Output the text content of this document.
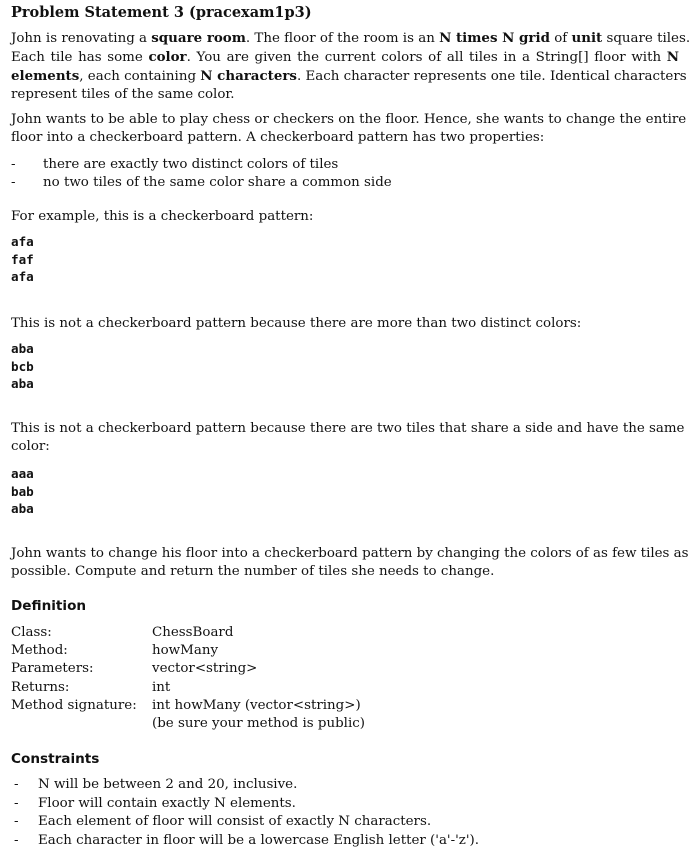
Problem Statement 3 (pracexam1p3)
John is renovating a square room. The floor of the room is an N times N grid of unit square tiles.
Each tile has some color. You are given the current colors of all tiles in a String[] floor with N
elements, each containing N characters. Each character represents one tile. Identical characters
represent tiles of the same color.
John wants to be able to play chess or checkers on the floor. Hence, she wants to change the entire
floor into a checkerboard pattern. A checkerboard pattern has two properties:
-	there are exactly two distinct colors of tiles
-	no two tiles of the same color share a common side
For example, this is a checkerboard pattern:
afa
faf
afa
This is not a checkerboard pattern because there are more than two distinct colors:
aba
bcb
aba
This is not a checkerboard pattern because there are two tiles that share a side and have the same
color:
aaa
bab
aba
John wants to change his floor into a checkerboard pattern by changing the colors of as few tiles as
possible. Compute and return the number of tiles she needs to change.
Definition
Class:	ChessBoard
Method:	howMany
Parameters:	vector<string>
Returns:	int
Method signature:	int howMany (vector<string>)
(be sure your method is public)
Constraints
-	N will be between 2 and 20, inclusive.
-	Floor will contain exactly N elements.
-	Each element of floor will consist of exactly N characters.
-	Each character in floor will be a lowercase English letter ('a'-'z').
